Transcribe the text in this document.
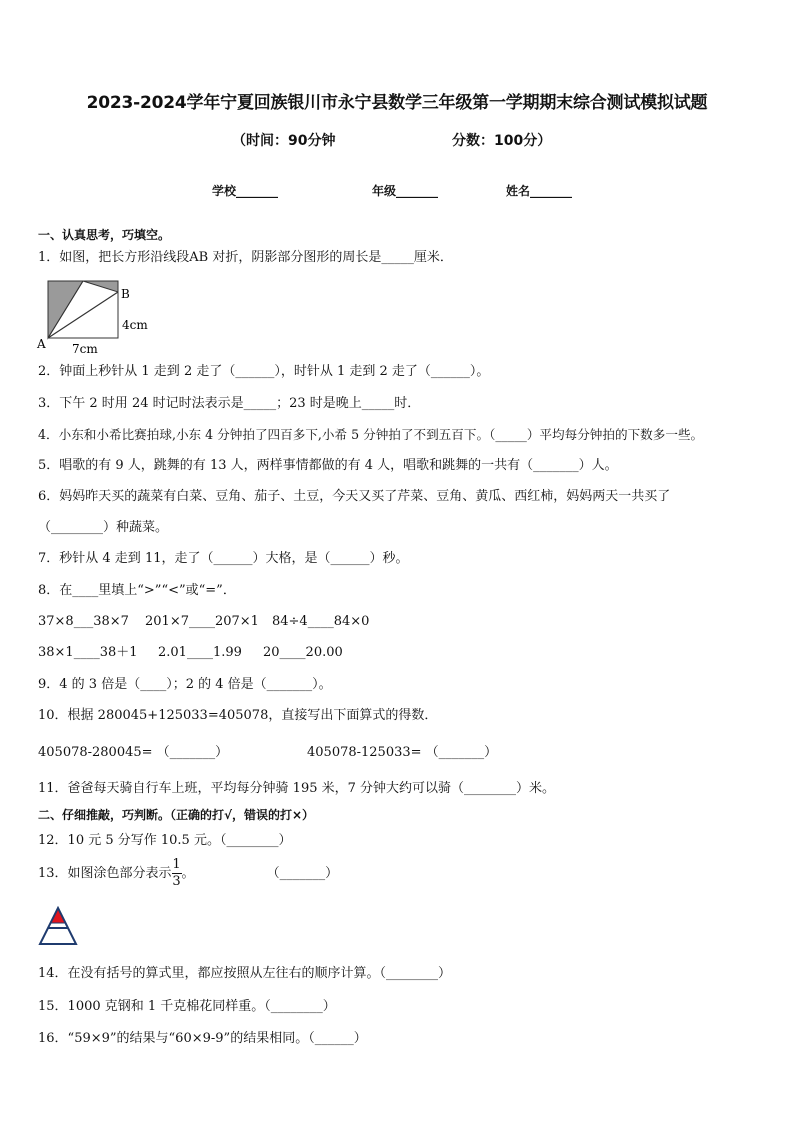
2023-2024学年宁夏回族银川市永宁县数学三年级第一学期期末综合测试模拟试题
（时间：90分钟	分数：100分）
学校_______	年级_______	姓名_______
一、认真思考，巧填空。
1．如图，把长方形沿线段AB 对折，阴影部分图形的周长是_____厘米．
B
A
4cm
7cm
2．钟面上秒针从 1 走到 2 走了（______），时针从 1 走到 2 走了（______）。
3．下午 2 时用 24 时记时法表示是_____；23 时是晚上_____时．
4．小东和小希比赛拍球,小东 4 分钟拍了四百多下,小希 5 分钟拍了不到五百下。（_____）平均每分钟拍的下数多一些。
5．唱歌的有 9 人，跳舞的有 13 人，两样事情都做的有 4 人，唱歌和跳舞的一共有（_______）人。
6．妈妈昨天买的蔬菜有白菜、豆角、茄子、土豆，今天又买了芹菜、豆角、黄瓜、西红柿，妈妈两天一共买了
（________）种蔬菜。
7．秒针从 4 走到 11，走了（______）大格，是（______）秒。
8．在____里填上“>”“<”或“=”．
37×8___38×7 201×7____207×1 84÷4____84×0
38×1____38＋1 2.01____1.99 20____20.00
9．4 的 3 倍是（____）；2 的 4 倍是（_______）。
10．根据 280045+125033=405078，直接写出下面算式的得数．
405078-280045= （_______）	405078-125033= （_______）
11．爸爸每天骑自行车上班，平均每分钟骑 195 米，7 分钟大约可以骑（________）米。
二、仔细推敲，巧判断。（正确的打√，错误的打×）
12．10 元 5 分写作 10.5 元。（________）
13．如图涂色部分表示 $\frac{1}{3}$ 。	（_______）
14．在没有括号的算式里，都应按照从左往右的顺序计算。（________）
15．1000 克钢和 1 千克棉花同样重。（________）
16．“59×9”的结果与“60×9-9”的结果相同。（______）
